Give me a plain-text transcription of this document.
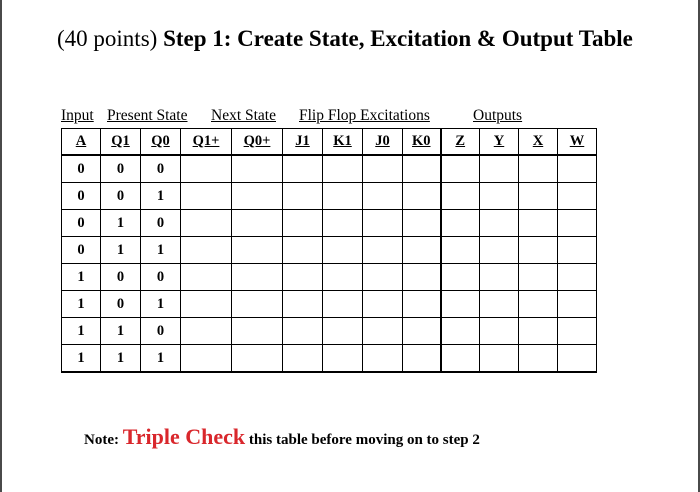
(40 points) Step 1: Create State, Excitation & Output Table
Input Present State Next State Flip Flop Excitations	Outputs
A	Q1	Q0	Q1+	Q0+	J1	K1	J0	K0	Z	Y	X	W
0	0	0										
0	0	1										
0	1	0										
0	1	1										
1	0	0										
1	0	1										
1	1	0										
1	1	1										
Note: Triple Check this table before moving on to step 2
